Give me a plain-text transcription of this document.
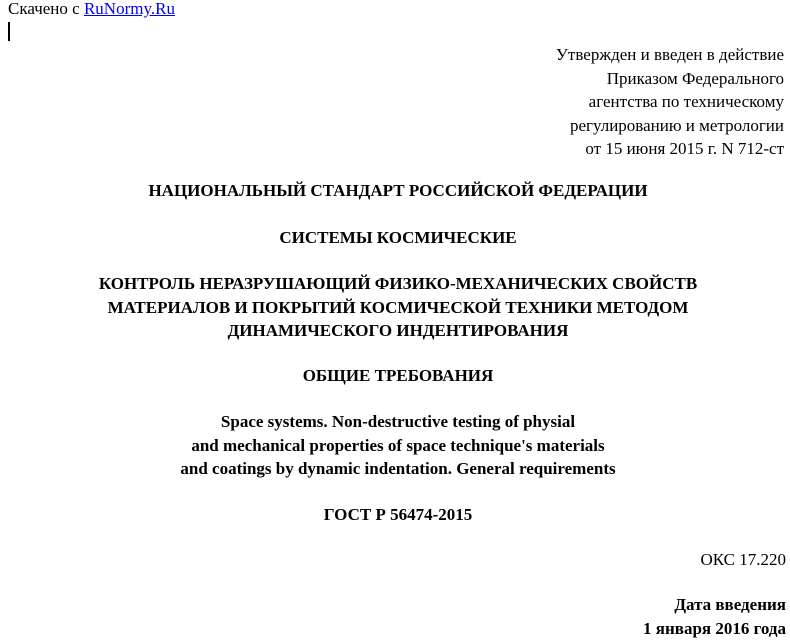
Скачено с RuNormy.Ru
Утвержден и введен в действие
Приказом Федерального
агентства по техническому
регулированию и метрологии
от 15 июня 2015 г. N 712-ст
НАЦИОНАЛЬНЫЙ СТАНДАРТ РОССИЙСКОЙ ФЕДЕРАЦИИ
СИСТЕМЫ КОСМИЧЕСКИЕ
КОНТРОЛЬ НЕРАЗРУШАЮЩИЙ ФИЗИКО-МЕХАНИЧЕСКИХ СВОЙСТВ
МАТЕРИАЛОВ И ПОКРЫТИЙ КОСМИЧЕСКОЙ ТЕХНИКИ МЕТОДОМ
ДИНАМИЧЕСКОГО ИНДЕНТИРОВАНИЯ
ОБЩИЕ ТРЕБОВАНИЯ
Space systems. Non-destructive testing of physial
and mechanical properties of space technique's materials
and coatings by dynamic indentation. General requirements
ГОСТ Р 56474-2015
ОКС 17.220
Дата введения
1 января 2016 года
